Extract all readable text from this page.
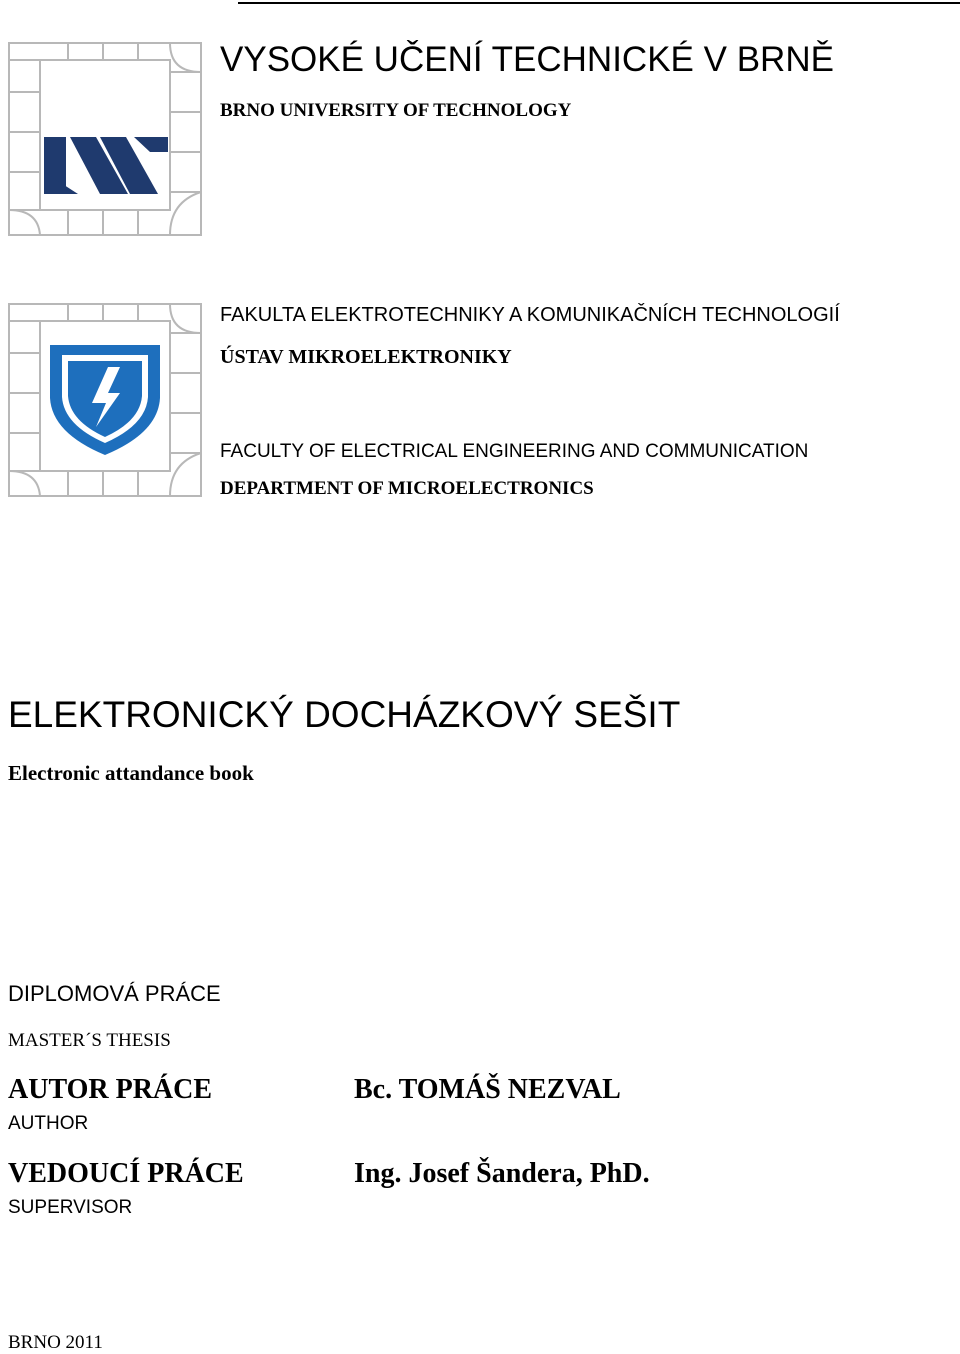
VYSOKÉ UČENÍ TECHNICKÉ V BRNĚ
BRNO UNIVERSITY OF TECHNOLOGY
FAKULTA ELEKTROTECHNIKY A KOMUNIKAČNÍCH TECHNOLOGIÍ
ÚSTAV MIKROELEKTRONIKY
FACULTY OF ELECTRICAL ENGINEERING AND COMMUNICATION
DEPARTMENT OF MICROELECTRONICS
ELEKTRONICKÝ DOCHÁZKOVÝ SEŠIT
Electronic attandance book
DIPLOMOVÁ PRÁCE
MASTER´S THESIS
AUTOR PRÁCE
AUTHOR
Bc. TOMÁŠ NEZVAL
VEDOUCÍ PRÁCE
SUPERVISOR
Ing. Josef Šandera, PhD.
BRNO 2011
